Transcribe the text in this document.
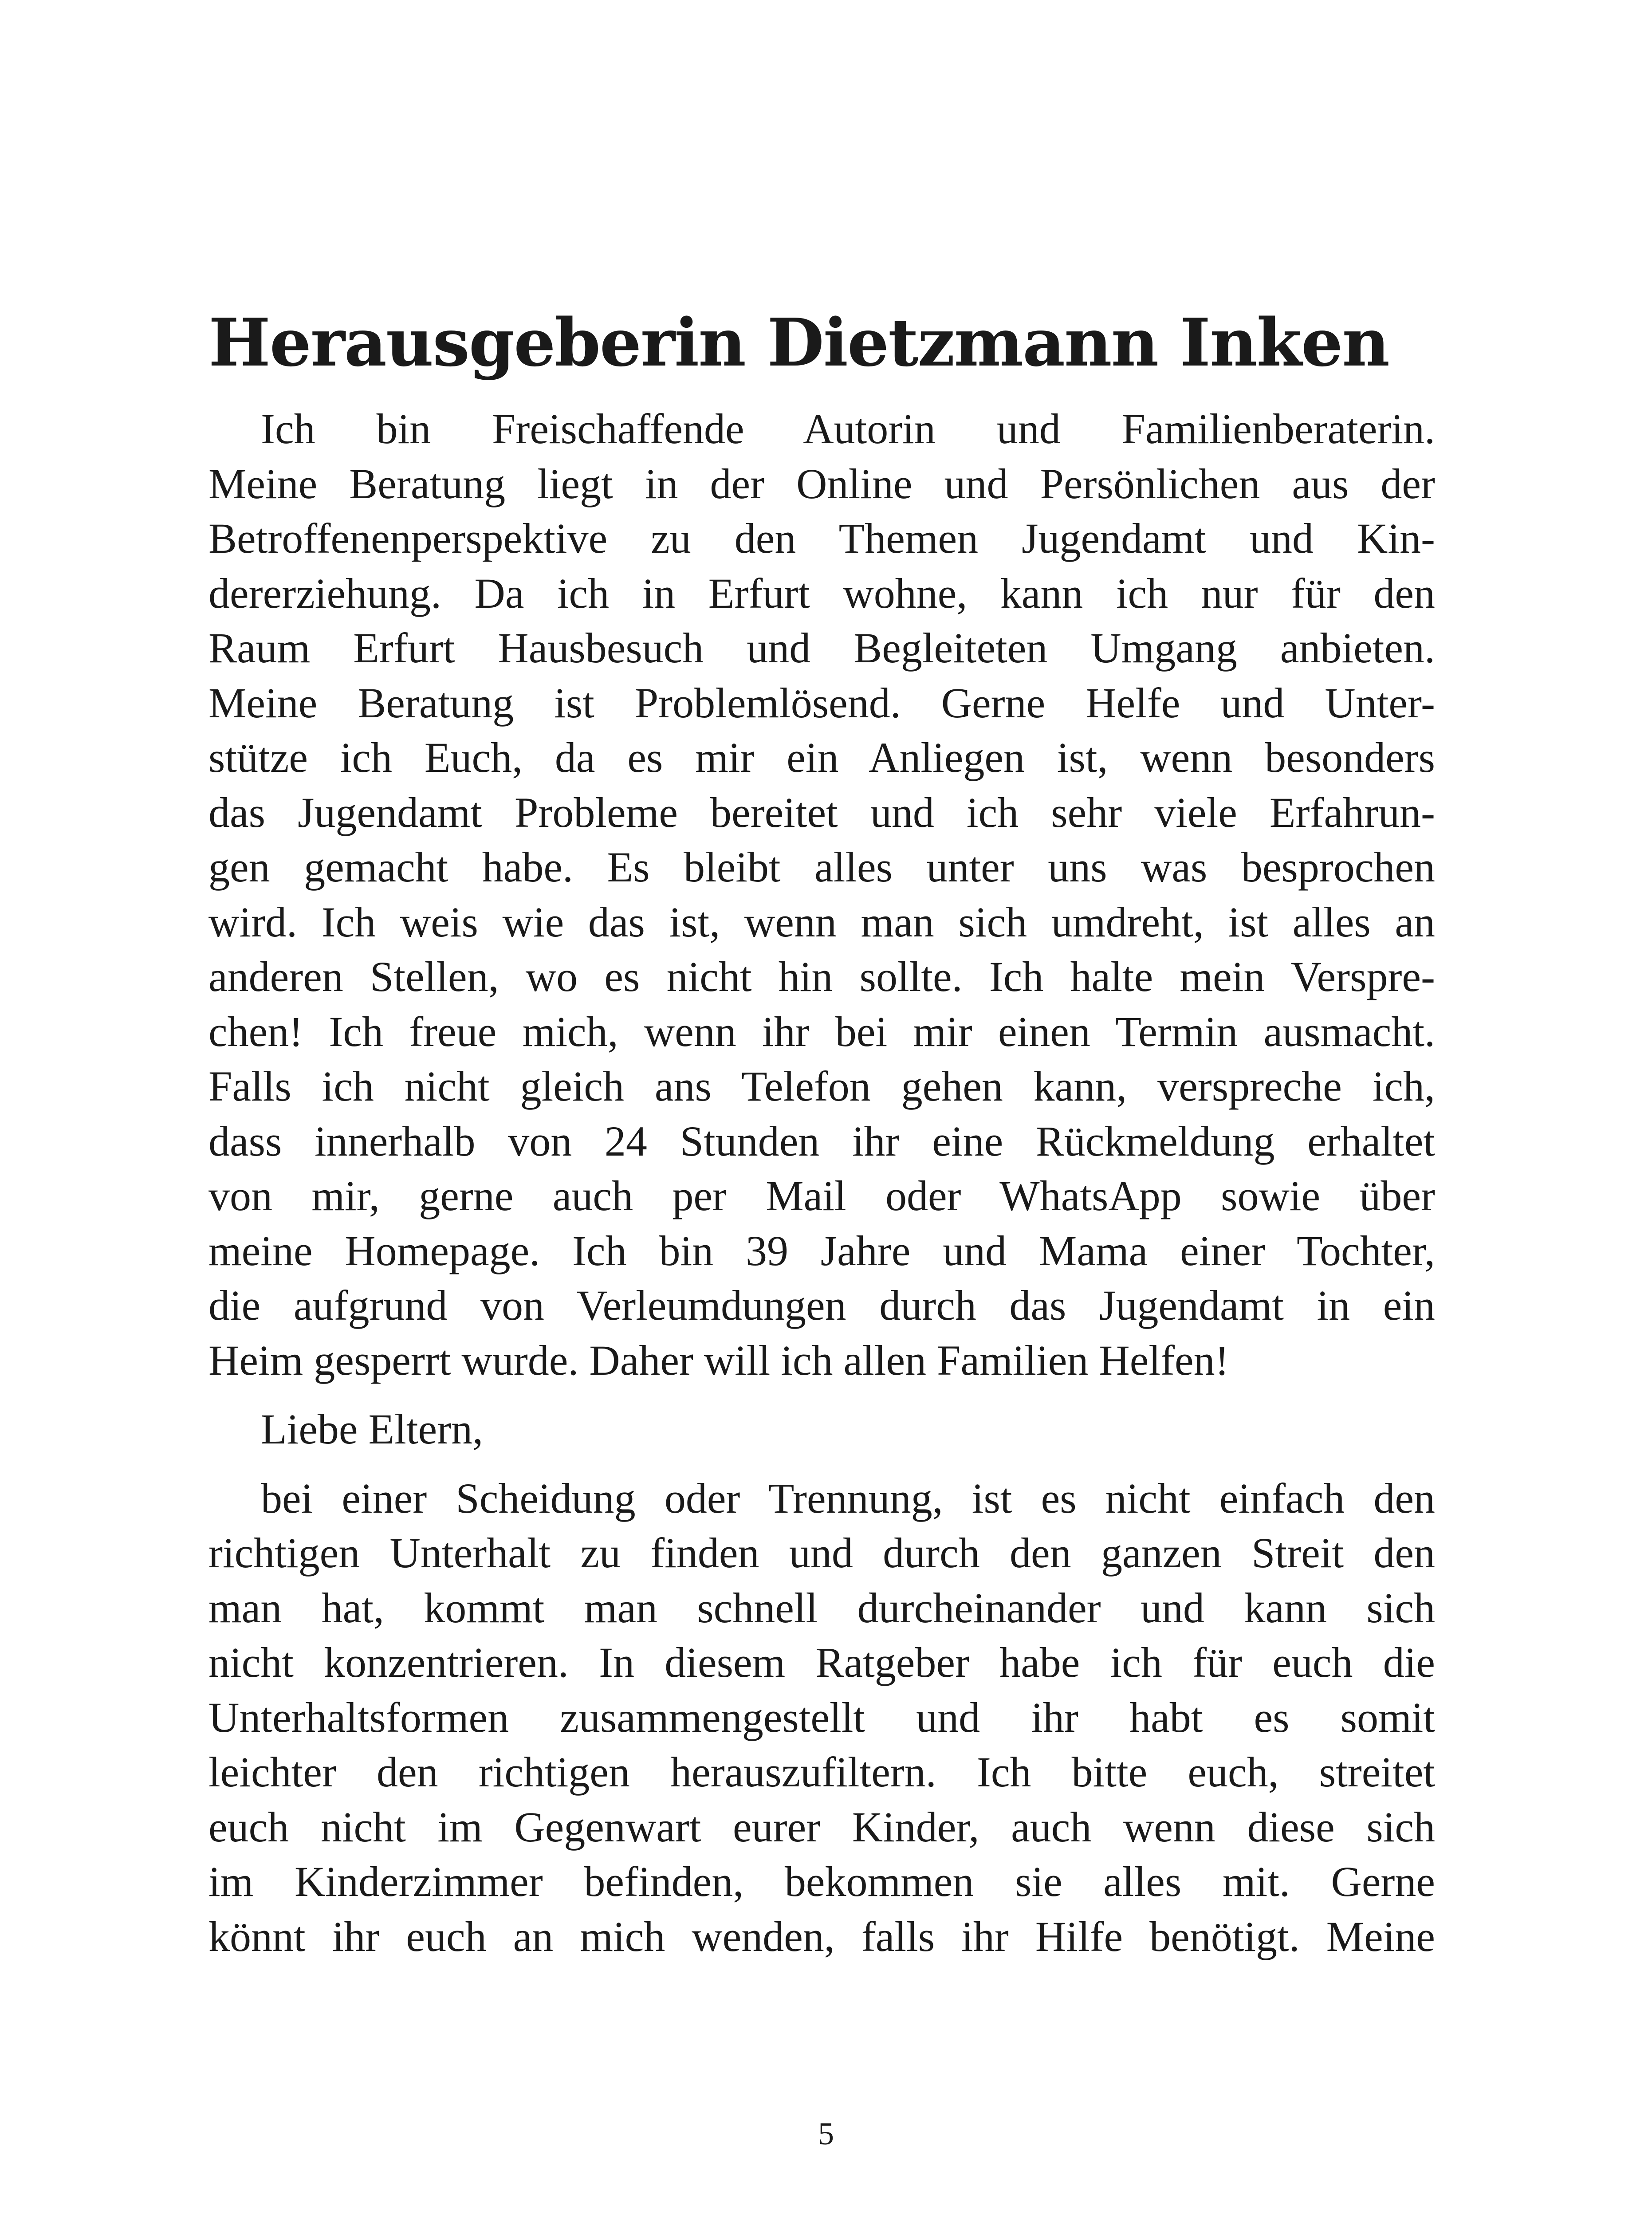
Herausgeberin Dietzmann Inken
Ich bin Freischaffende Autorin und Familienberaterin.
Meine Beratung liegt in der Online und Persönlichen aus der
Betroffenenperspektive zu den Themen Jugendamt und Kin-
dererziehung. Da ich in Erfurt wohne, kann ich nur für den
Raum Erfurt Hausbesuch und Begleiteten Umgang anbieten.
Meine Beratung ist Problemlösend. Gerne Helfe und Unter-
stütze ich Euch, da es mir ein Anliegen ist, wenn besonders
das Jugendamt Probleme bereitet und ich sehr viele Erfahrun-
gen gemacht habe. Es bleibt alles unter uns was besprochen
wird. Ich weis wie das ist, wenn man sich umdreht, ist alles an
anderen Stellen, wo es nicht hin sollte. Ich halte mein Verspre-
chen! Ich freue mich, wenn ihr bei mir einen Termin ausmacht.
Falls ich nicht gleich ans Telefon gehen kann, verspreche ich,
dass innerhalb von 24 Stunden ihr eine Rückmeldung erhaltet
von mir, gerne auch per Mail oder WhatsApp sowie über
meine Homepage. Ich bin 39 Jahre und Mama einer Tochter,
die aufgrund von Verleumdungen durch das Jugendamt in ein
Heim gesperrt wurde. Daher will ich allen Familien Helfen!
Liebe Eltern,
bei einer Scheidung oder Trennung, ist es nicht einfach den
richtigen Unterhalt zu finden und durch den ganzen Streit den
man hat, kommt man schnell durcheinander und kann sich
nicht konzentrieren. In diesem Ratgeber habe ich für euch die
Unterhaltsformen zusammengestellt und ihr habt es somit
leichter den richtigen herauszufiltern. Ich bitte euch, streitet
euch nicht im Gegenwart eurer Kinder, auch wenn diese sich
im Kinderzimmer befinden, bekommen sie alles mit. Gerne
könnt ihr euch an mich wenden, falls ihr Hilfe benötigt. Meine
5
